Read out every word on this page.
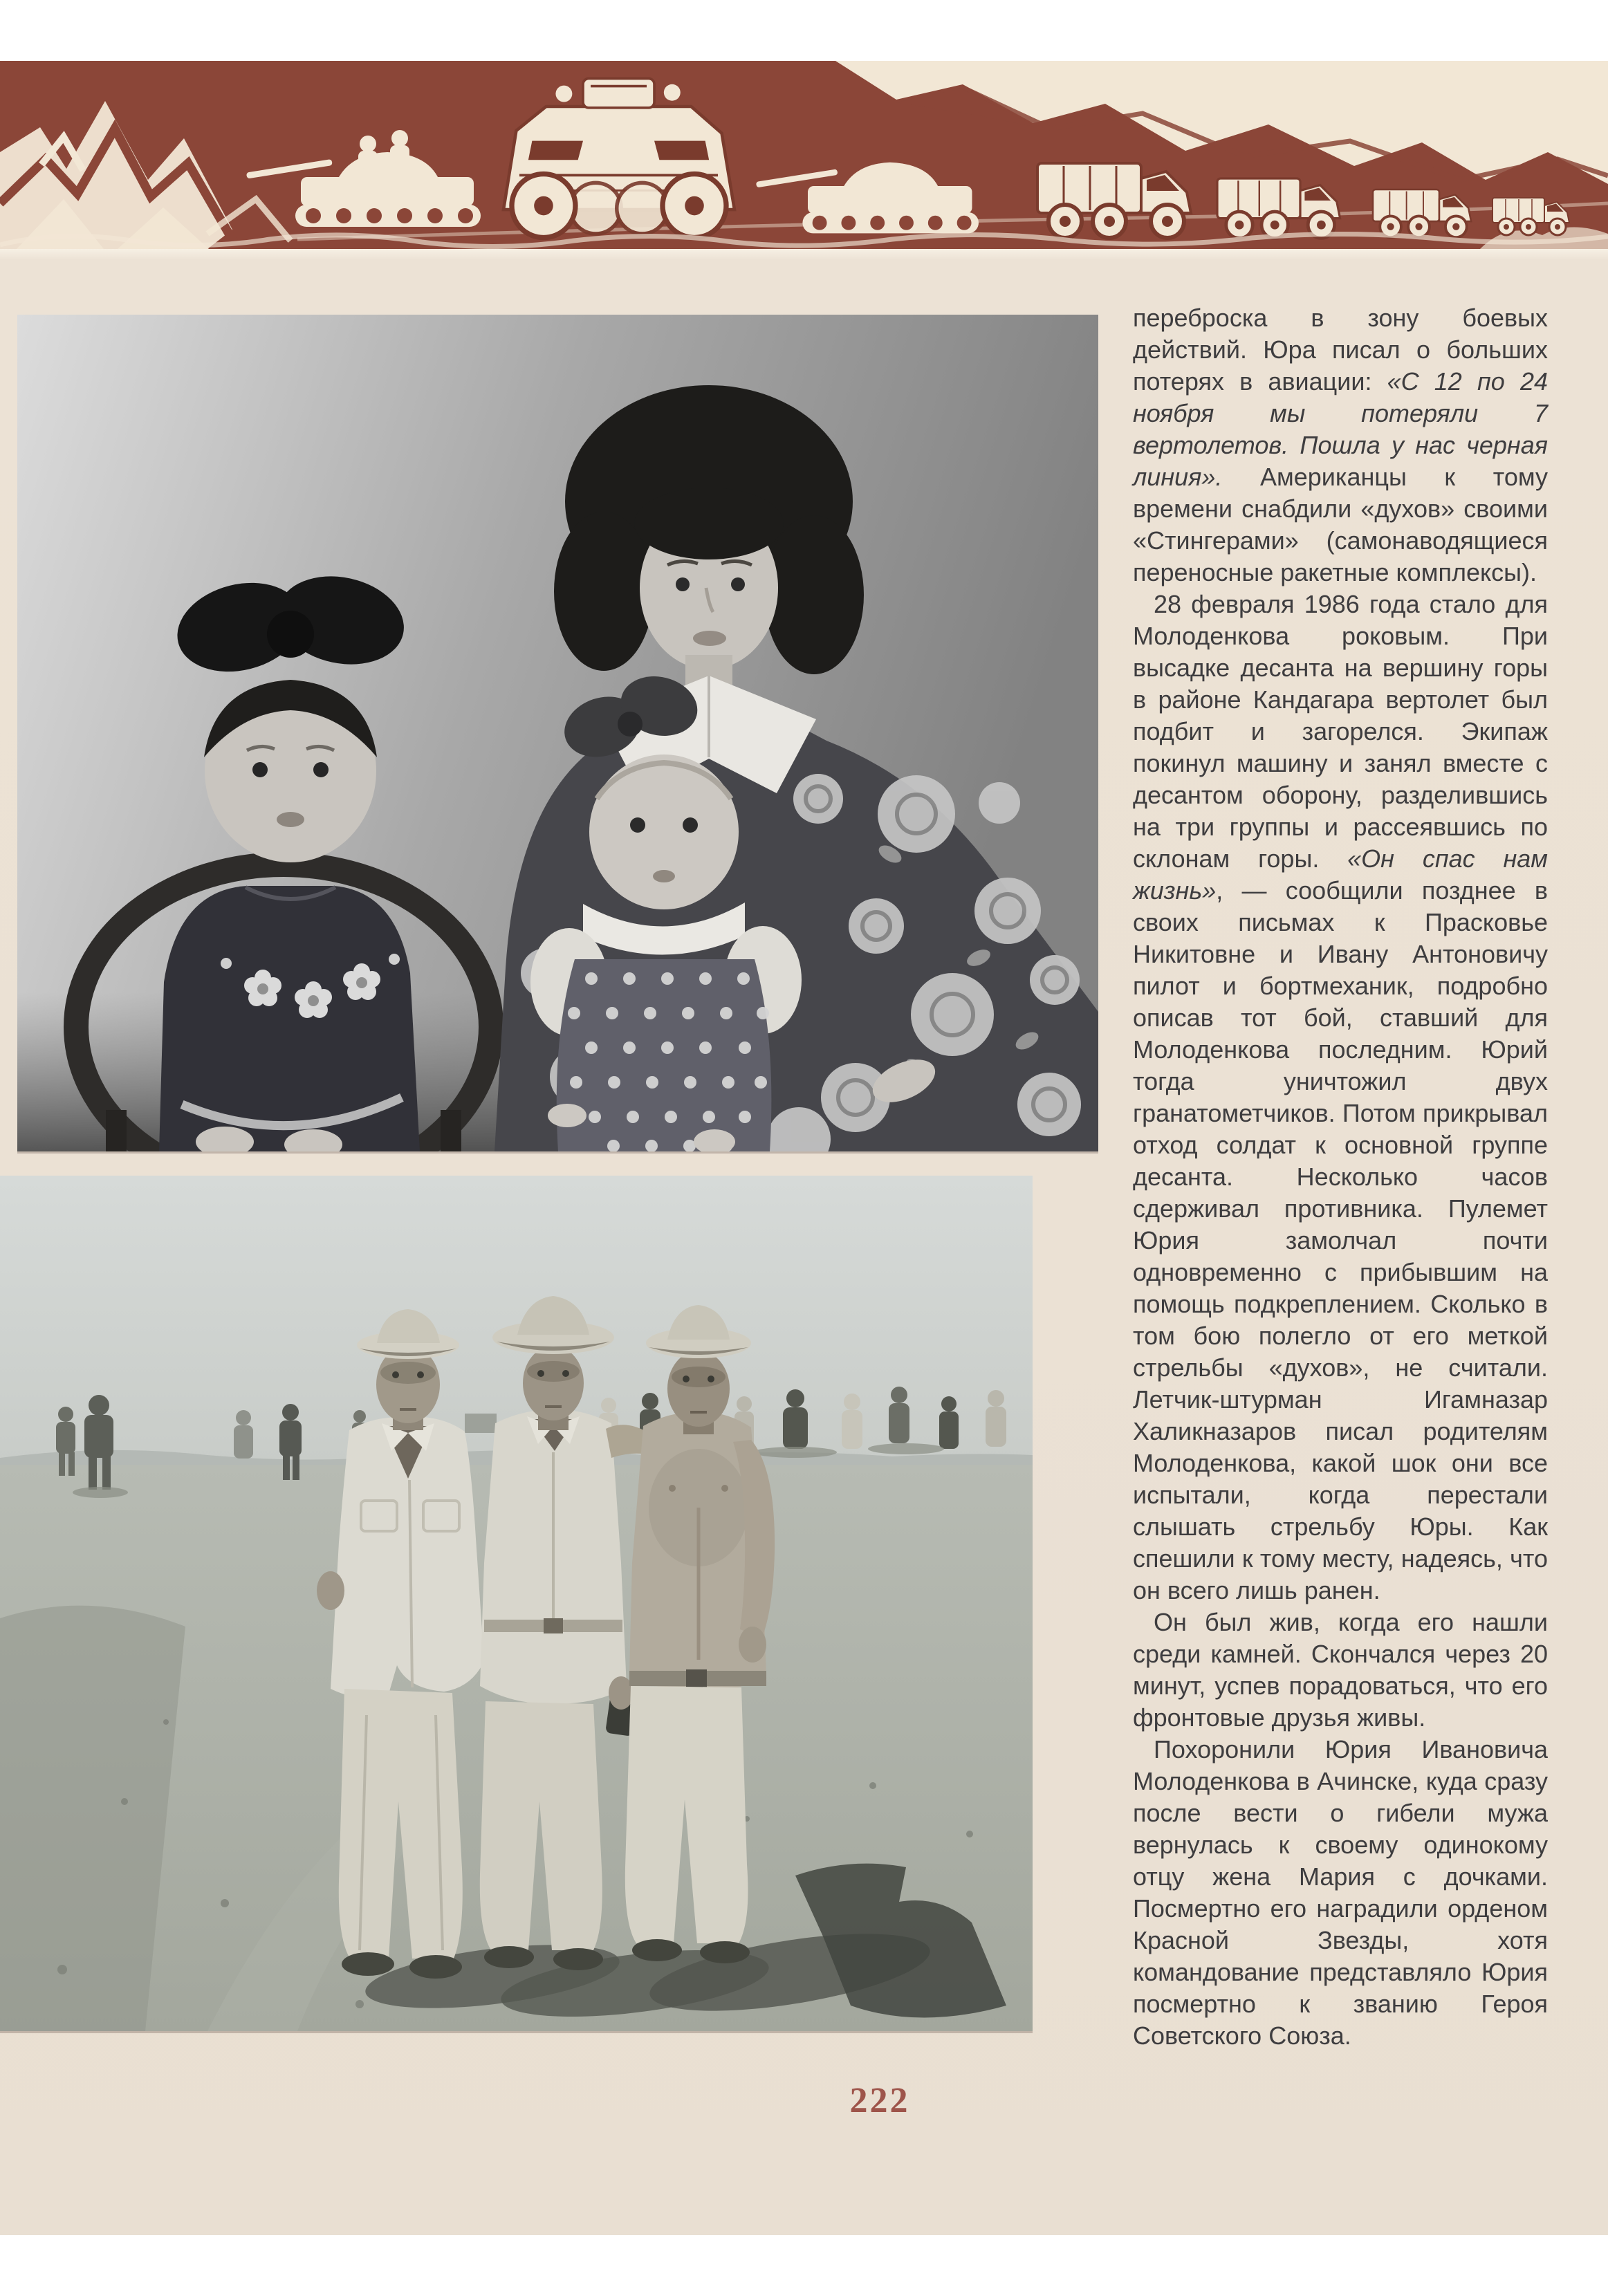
переброска в зону боевых действий. Юра писал о больших потерях в авиации: «С 12 по 24 ноября мы потеряли 7 вертолетов. Пошла у нас черная линия». Американцы к тому времени снабдили «духов» своими «Стингерами» (самонаводящиеся переносные ракетные комплексы).

28 февраля 1986 года стало для Молоденкова роковым. При высадке десанта на вершину горы в районе Кандагара вертолет был подбит и загорелся. Экипаж покинул машину и занял вместе с десантом оборону, разделившись на три группы и рассеявшись по склонам горы. «Он спас нам жизнь», — сообщили позднее в своих письмах к Прасковье Никитовне и Ивану Антоновичу пилот и бортмеханик, подробно описав тот бой, ставший для Молоденкова последним. Юрий тогда уничтожил двух гранатометчиков. Потом прикрывал отход солдат к основной группе десанта. Несколько часов сдерживал противника. Пулемет Юрия замолчал почти одновременно с прибывшим на помощь подкреплением. Сколько в том бою полегло от его меткой стрельбы «духов», не считали. Летчик-штурман Игамназар Халикназаров писал родителям Молоденкова, какой шок они все испытали, когда перестали слышать стрельбу Юры. Как спешили к тому месту, надеясь, что он всего лишь ранен.

Он был жив, когда его нашли среди камней. Скончался через 20 минут, успев порадоваться, что его фронтовые друзья живы.

Похоронили Юрия Ивановича Молоденкова в Ачинске, куда сразу после вести о гибели мужа вернулась к своему одинокому отцу жена Мария с дочками. Посмертно его наградили орденом Красной Звезды, хотя командование представляло Юрия посмертно к званию Героя Советского Союза.

222
